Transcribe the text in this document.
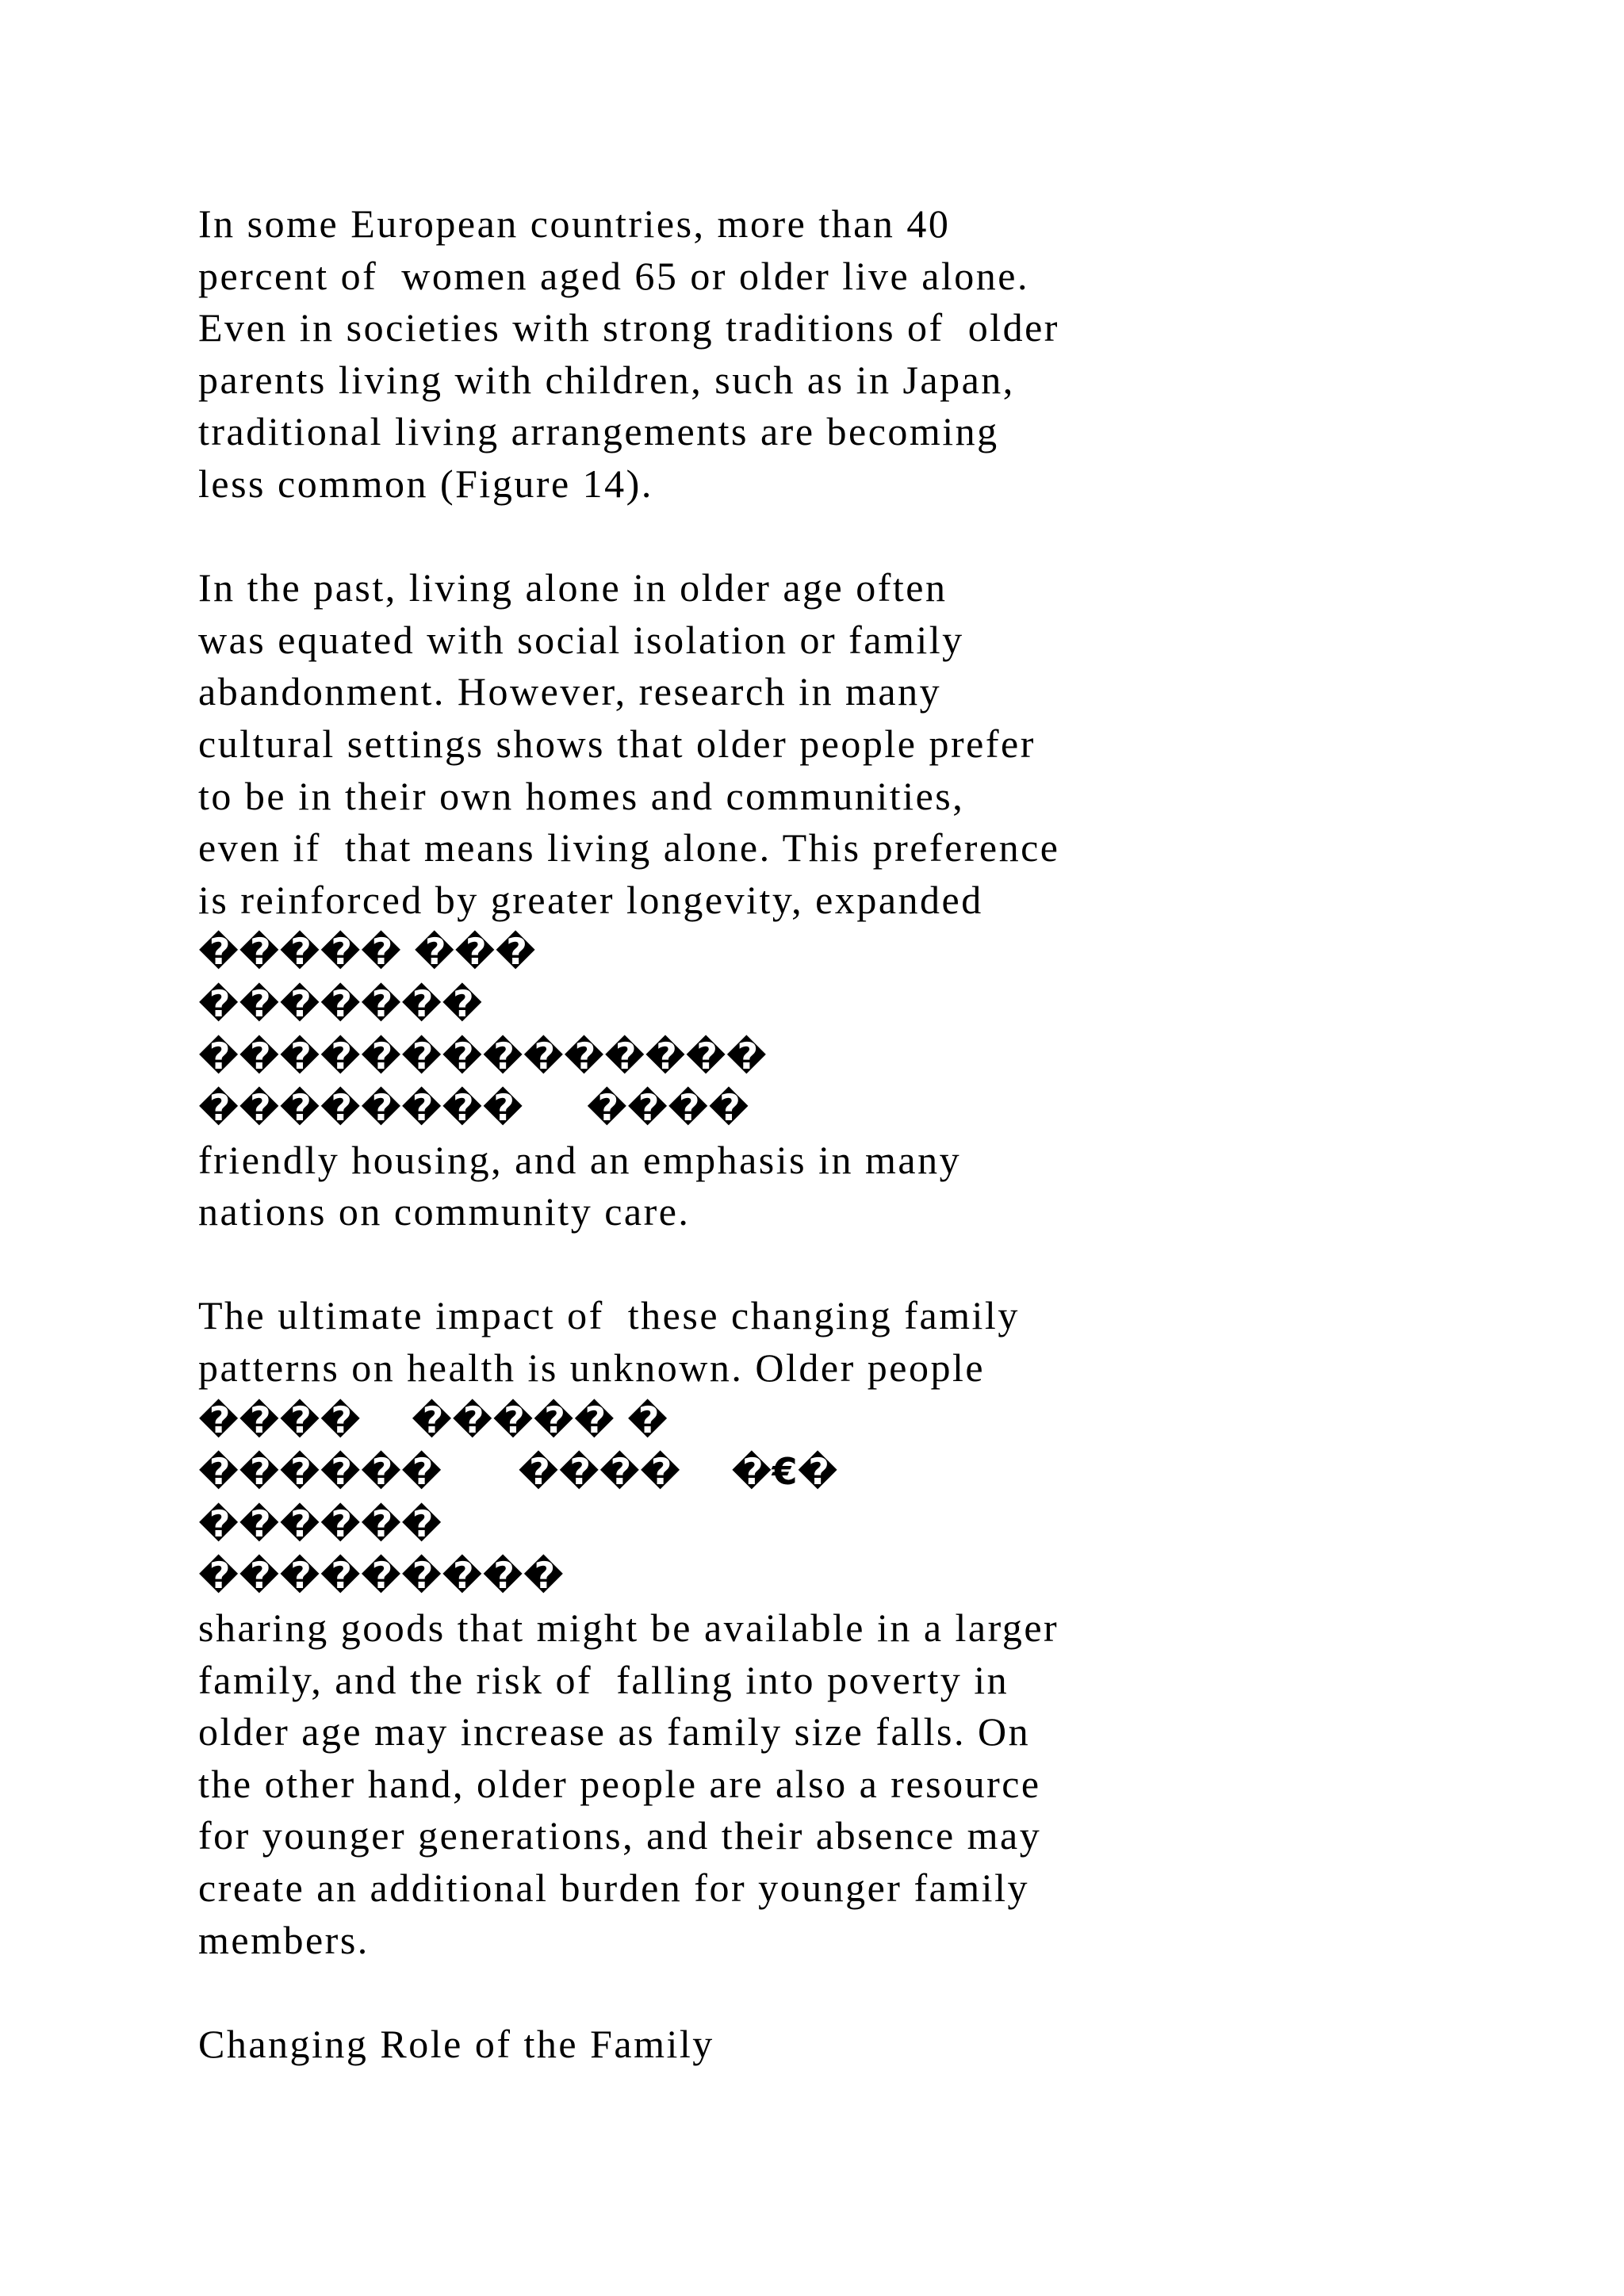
In some European countries, more than 40
percent of  women aged 65 or older live alone.
Even in societies with strong traditions of  older
parents living with children, such as in Japan,
traditional living arrangements are becoming
less common (Figure 14).
In the past, living alone in older age often
was equated with social isolation or family
abandonment. However, research in many
cultural settings shows that older people prefer
to be in their own homes and communities,
even if  that means living alone. This preference
is reinforced by greater longevity, expanded
����� ���
�������
��������������
��������     ����
friendly housing, and an emphasis in many
nations on community care.
The ultimate impact of  these changing family
patterns on health is unknown. Older people
����    ����� �
������      ����    �€�
������
���������
sharing goods that might be available in a larger
family, and the risk of  falling into poverty in
older age may increase as family size falls. On
the other hand, older people are also a resource
for younger generations, and their absence may
create an additional burden for younger family
members.
Changing Role of the Family
